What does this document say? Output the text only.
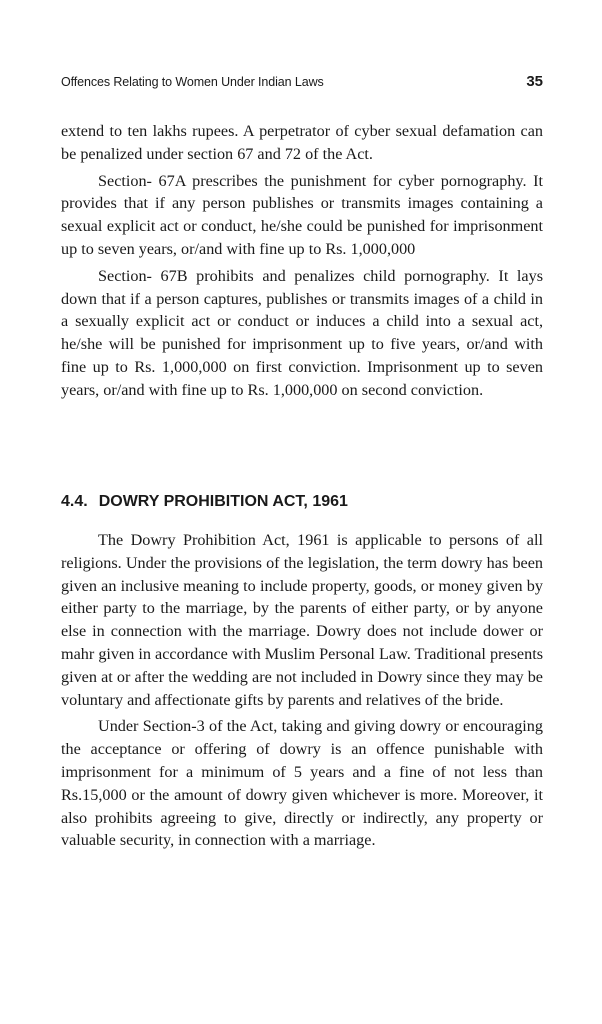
Offences Relating to Women Under Indian Laws	35

extend to ten lakhs rupees. A perpetrator of cyber sexual defamation can be penalized under section 67 and 72 of the Act.

Section- 67A prescribes the punishment for cyber pornography. It provides that if any person publishes or transmits images containing a sexual explicit act or conduct, he/she could be punished for imprisonment up to seven years, or/and with fine up to Rs. 1,000,000

Section- 67B prohibits and penalizes child pornography. It lays down that if a person captures, publishes or transmits images of a child in a sexually explicit act or conduct or induces a child into a sexual act, he/she will be punished for imprisonment up to five years, or/and with fine up to Rs. 1,000,000 on first conviction. Imprisonment up to seven years, or/and with fine up to Rs. 1,000,000 on second conviction.

4.4. DOWRY PROHIBITION ACT, 1961

The Dowry Prohibition Act, 1961 is applicable to persons of all religions. Under the provisions of the legislation, the term dowry has been given an inclusive meaning to include property, goods, or money given by either party to the marriage, by the parents of either party, or by anyone else in connection with the marriage. Dowry does not include dower or mahr given in accordance with Muslim Personal Law. Traditional presents given at or after the wedding are not included in Dowry since they may be voluntary and affectionate gifts by parents and relatives of the bride.

Under Section-3 of the Act, taking and giving dowry or encouraging the acceptance or offering of dowry is an offence punishable with imprisonment for a minimum of 5 years and a fine of not less than Rs.15,000 or the amount of dowry given whichever is more. Moreover, it also prohibits agreeing to give, directly or indirectly, any property or valuable security, in connection with a marriage.
